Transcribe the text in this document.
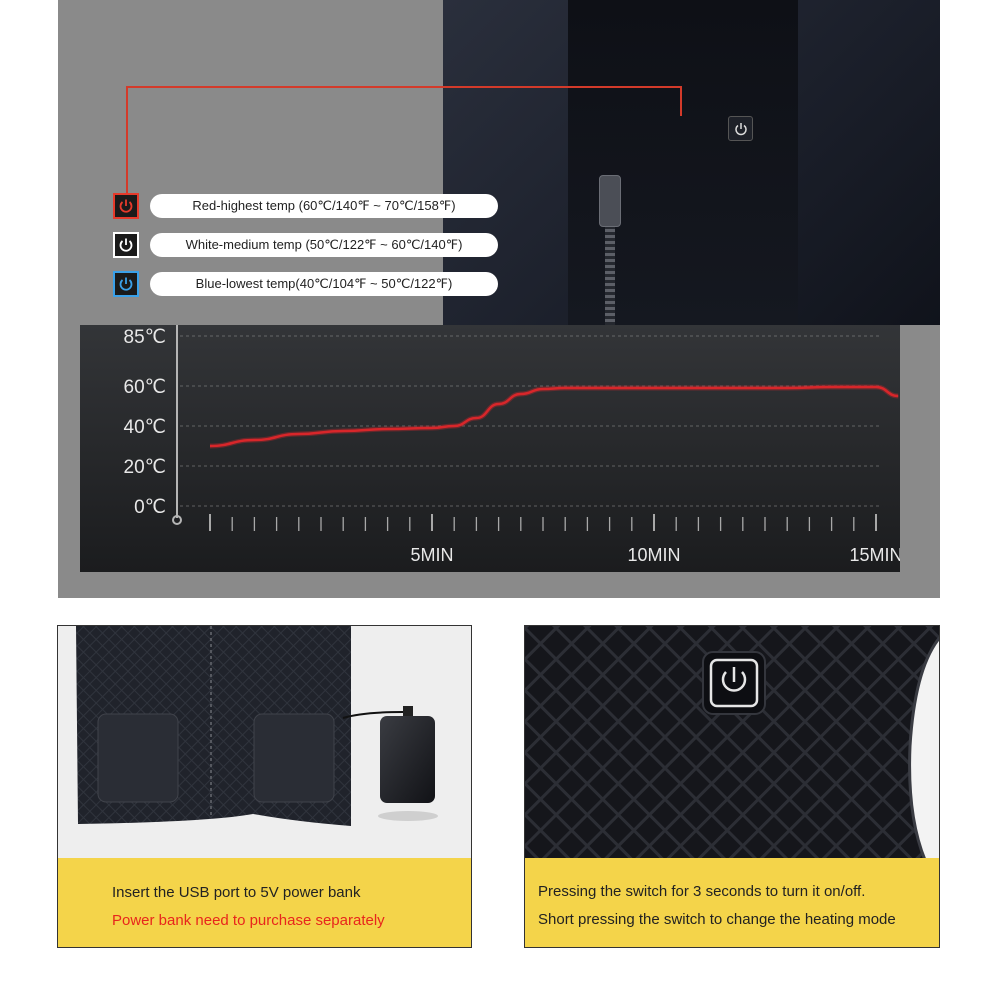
Red-highest temp (60℃/140℉ ~ 70℃/158℉)
White-medium temp (50℃/122℉ ~ 60℃/140℉)
Blue-lowest temp(40℃/104℉ ~ 50℃/122℉)
85℃
60℃
40℃
20℃
0℃
5MIN	10MIN	15MIN
Insert the USB port to 5V power bank
Power bank need to purchase separately
Pressing the switch for 3 seconds to turn it on/off.
Short pressing the switch to change the heating mode
